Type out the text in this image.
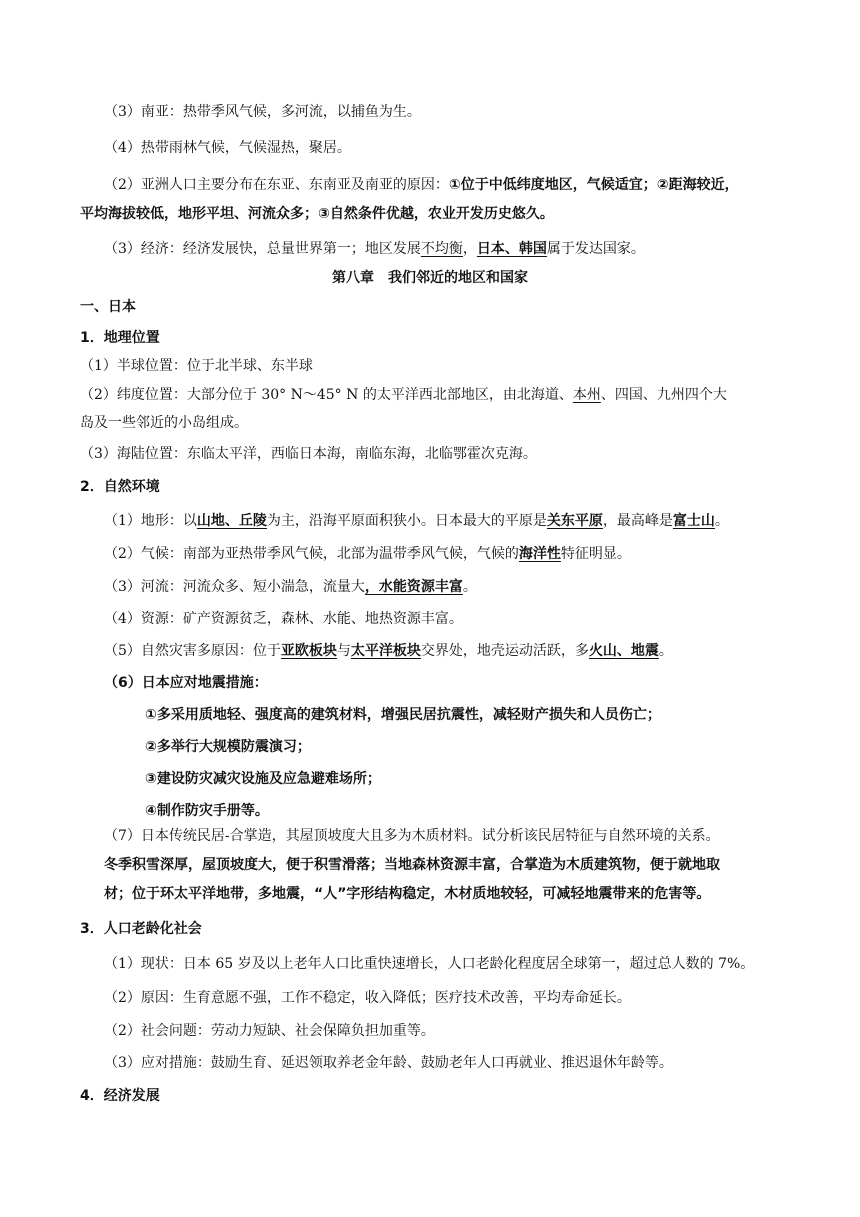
（3）南亚：热带季风气候，多河流，以捕鱼为生。
（4）热带雨林气候，气候湿热，聚居。
（2）亚洲人口主要分布在东亚、东南亚及南亚的原因：①位于中低纬度地区，气候适宜；②距海较近，
平均海拔较低，地形平坦、河流众多；③自然条件优越，农业开发历史悠久。
（3）经济：经济发展快，总量世界第一；地区发展不均衡，日本、韩国属于发达国家。
第八章　我们邻近的地区和国家
一、日本
1．地理位置
（1）半球位置：位于北半球、东半球
（2）纬度位置：大部分位于 30° N～45° N 的太平洋西北部地区，由北海道、本州、四国、九州四个大
岛及一些邻近的小岛组成。
（3）海陆位置：东临太平洋，西临日本海，南临东海，北临鄂霍次克海。
2．自然环境
（1）地形：以山地、丘陵为主，沿海平原面积狭小。日本最大的平原是关东平原，最高峰是富士山。
（2）气候：南部为亚热带季风气候，北部为温带季风气候，气候的海洋性特征明显。
（3）河流：河流众多、短小湍急，流量大，水能资源丰富。
（4）资源：矿产资源贫乏，森林、水能、地热资源丰富。
（5）自然灾害多原因：位于亚欧板块与太平洋板块交界处，地壳运动活跃，多火山、地震。
（6）日本应对地震措施：
①多采用质地轻、强度高的建筑材料，增强民居抗震性，减轻财产损失和人员伤亡；
②多举行大规模防震演习；
③建设防灾减灾设施及应急避难场所；
④制作防灾手册等。
（7）日本传统民居-合掌造，其屋顶坡度大且多为木质材料。试分析该民居特征与自然环境的关系。
冬季积雪深厚，屋顶坡度大，便于积雪滑落；当地森林资源丰富，合掌造为木质建筑物，便于就地取
材；位于环太平洋地带，多地震，“人”字形结构稳定，木材质地较轻，可减轻地震带来的危害等。
3．人口老龄化社会
（1）现状：日本 65 岁及以上老年人口比重快速增长，人口老龄化程度居全球第一，超过总人数的 7%。
（2）原因：生育意愿不强，工作不稳定，收入降低；医疗技术改善，平均寿命延长。
（2）社会问题：劳动力短缺、社会保障负担加重等。
（3）应对措施：鼓励生育、延迟领取养老金年龄、鼓励老年人口再就业、推迟退休年龄等。
4．经济发展
